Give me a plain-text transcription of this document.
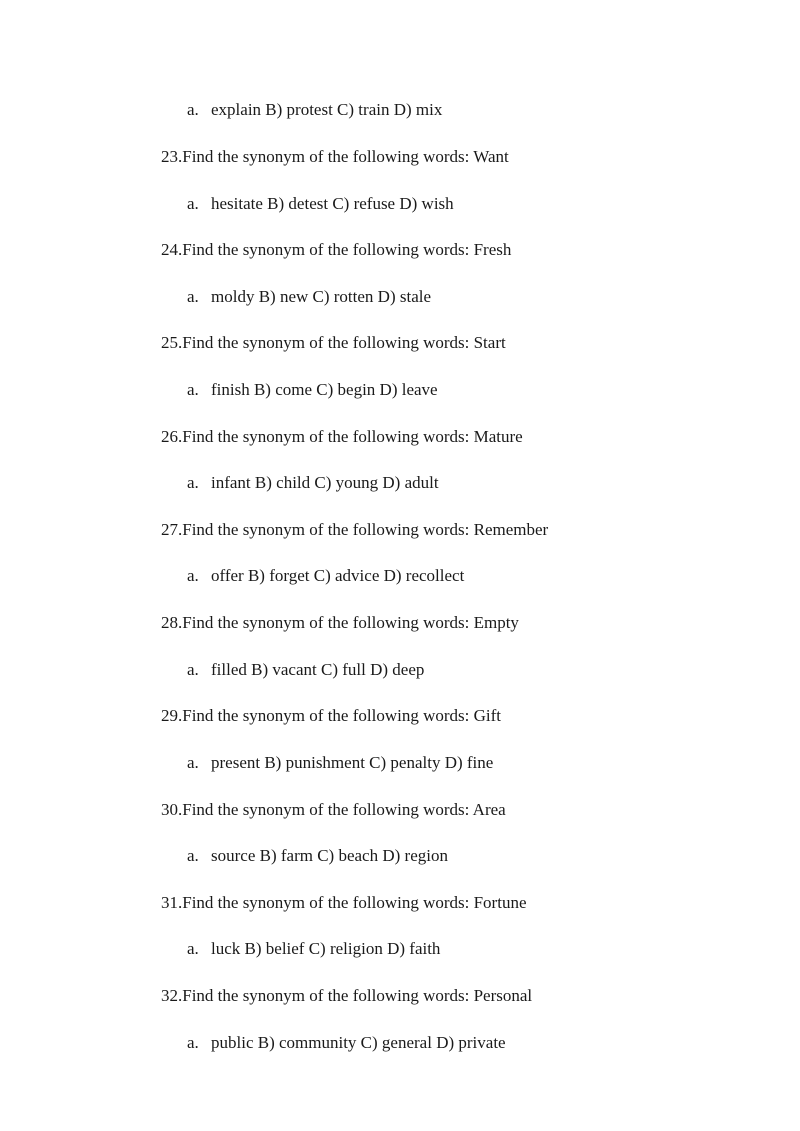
a. explain B) protest C) train D) mix
23.Find the synonym of the following words: Want
a. hesitate B) detest C) refuse D) wish
24.Find the synonym of the following words: Fresh
a. moldy B) new C) rotten D) stale
25.Find the synonym of the following words: Start
a. finish B) come C) begin D) leave
26.Find the synonym of the following words: Mature
a. infant B) child C) young D) adult
27.Find the synonym of the following words: Remember
a. offer B) forget C) advice D) recollect
28.Find the synonym of the following words: Empty
a. filled B) vacant C) full D) deep
29.Find the synonym of the following words: Gift
a. present B) punishment C) penalty D) fine
30.Find the synonym of the following words: Area
a. source B) farm C) beach D) region
31.Find the synonym of the following words: Fortune
a. luck B) belief C) religion D) faith
32.Find the synonym of the following words: Personal
a. public B) community C) general D) private
